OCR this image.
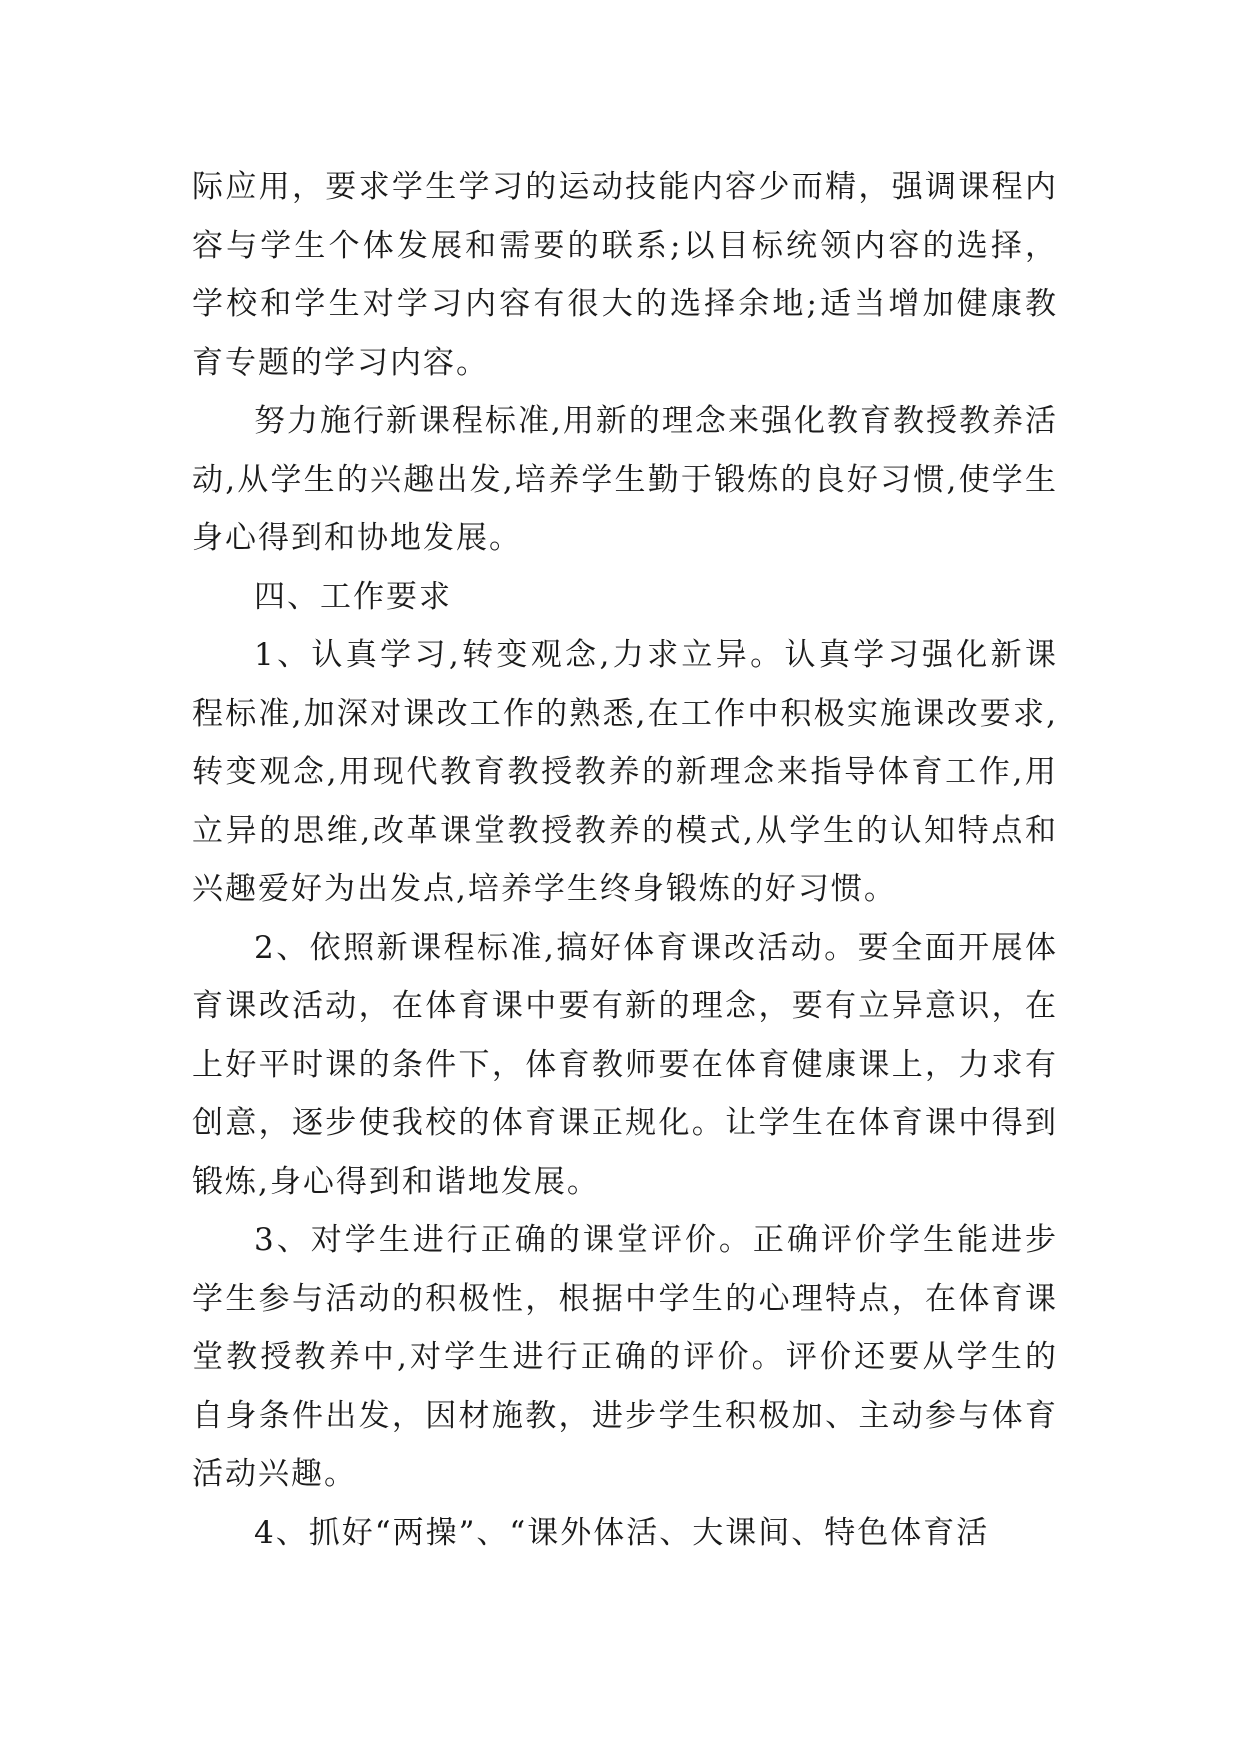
际应用，要求学生学习的运动技能内容少而精，强调课程内容与学生个体发展和需要的联系;以目标统领内容的选择，学校和学生对学习内容有很大的选择余地;适当增加健康教育专题的学习内容。

努力施行新课程标准,用新的理念来强化教育教授教养活动,从学生的兴趣出发,培养学生勤于锻炼的良好习惯,使学生身心得到和协地发展。

四、工作要求

1、认真学习,转变观念,力求立异。认真学习强化新课程标准,加深对课改工作的熟悉,在工作中积极实施课改要求,转变观念,用现代教育教授教养的新理念来指导体育工作,用立异的思维,改革课堂教授教养的模式,从学生的认知特点和兴趣爱好为出发点,培养学生终身锻炼的好习惯。

2、依照新课程标准,搞好体育课改活动。要全面开展体育课改活动，在体育课中要有新的理念，要有立异意识，在上好平时课的条件下，体育教师要在体育健康课上，力求有创意，逐步使我校的体育课正规化。让学生在体育课中得到锻炼,身心得到和谐地发展。

3、对学生进行正确的课堂评价。正确评价学生能进步学生参与活动的积极性，根据中学生的心理特点，在体育课堂教授教养中,对学生进行正确的评价。评价还要从学生的自身条件出发，因材施教，进步学生积极加、主动参与体育活动兴趣。

4、抓好“两操”、“课外体活、大课间、特色体育活
